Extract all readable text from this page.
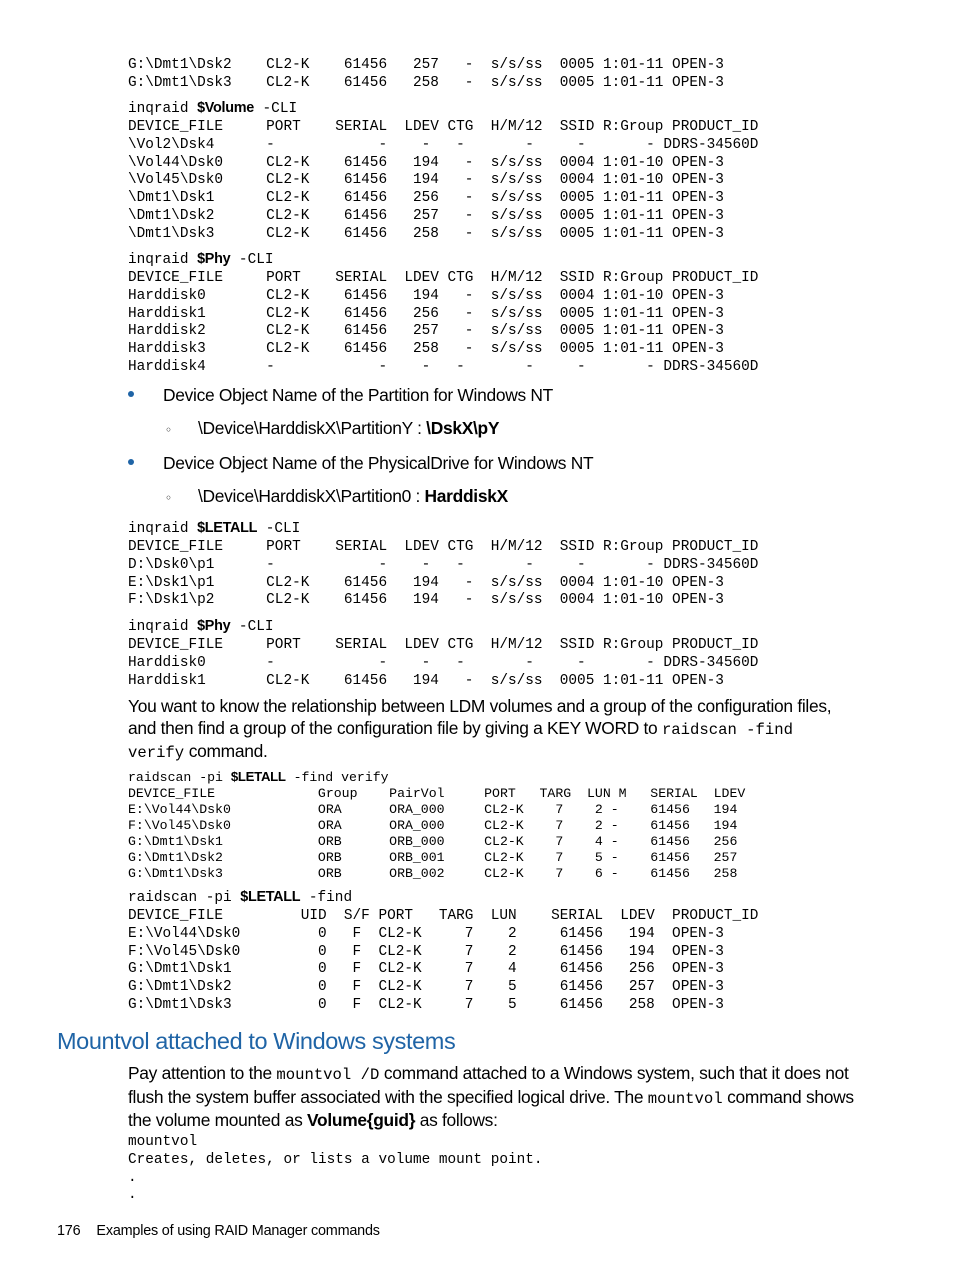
G:\Dmt1\Dsk2    CL2-K    61456   257   -  s/s/ss  0005 1:01-11 OPEN-3
G:\Dmt1\Dsk3    CL2-K    61456   258   -  s/s/ss  0005 1:01-11 OPEN-3
inqraid $Volume -CLI
DEVICE_FILE     PORT    SERIAL  LDEV CTG  H/M/12  SSID R:Group PRODUCT_ID
\Vol2\Dsk4      -            -    -   -       -     -       - DDRS-34560D
\Vol44\Dsk0     CL2-K    61456   194   -  s/s/ss  0004 1:01-10 OPEN-3
\Vol45\Dsk0     CL2-K    61456   194   -  s/s/ss  0004 1:01-10 OPEN-3
\Dmt1\Dsk1      CL2-K    61456   256   -  s/s/ss  0005 1:01-11 OPEN-3
\Dmt1\Dsk2      CL2-K    61456   257   -  s/s/ss  0005 1:01-11 OPEN-3
\Dmt1\Dsk3      CL2-K    61456   258   -  s/s/ss  0005 1:01-11 OPEN-3
inqraid $Phy -CLI
DEVICE_FILE     PORT    SERIAL  LDEV CTG  H/M/12  SSID R:Group PRODUCT_ID
Harddisk0       CL2-K    61456   194   -  s/s/ss  0004 1:01-10 OPEN-3
Harddisk1       CL2-K    61456   256   -  s/s/ss  0005 1:01-11 OPEN-3
Harddisk2       CL2-K    61456   257   -  s/s/ss  0005 1:01-11 OPEN-3
Harddisk3       CL2-K    61456   258   -  s/s/ss  0005 1:01-11 OPEN-3
Harddisk4       -            -    -   -       -     -       - DDRS-34560D
Device Object Name of the Partition for Windows NT
◦ \Device\HarddiskX\PartitionY : \DskX\pY
Device Object Name of the PhysicalDrive for Windows NT
◦ \Device\HarddiskX\Partition0 : HarddiskX
inqraid $LETALL -CLI
DEVICE_FILE     PORT    SERIAL  LDEV CTG  H/M/12  SSID R:Group PRODUCT_ID
D:\Dsk0\p1      -            -    -   -       -     -       - DDRS-34560D
E:\Dsk1\p1      CL2-K    61456   194   -  s/s/ss  0004 1:01-10 OPEN-3
F:\Dsk1\p2      CL2-K    61456   194   -  s/s/ss  0004 1:01-10 OPEN-3
inqraid $Phy -CLI
DEVICE_FILE     PORT    SERIAL  LDEV CTG  H/M/12  SSID R:Group PRODUCT_ID
Harddisk0       -            -    -   -       -     -       - DDRS-34560D
Harddisk1       CL2-K    61456   194   -  s/s/ss  0005 1:01-11 OPEN-3

You want to know the relationship between LDM volumes and a group of the configuration files, and then find a group of the configuration file by giving a KEY WORD to raidscan -find verify command.

raidscan -pi $LETALL -find verify
DEVICE_FILE             Group    PairVol     PORT   TARG  LUN M   SERIAL  LDEV
E:\Vol44\Dsk0           ORA      ORA_000     CL2-K    7    2 -    61456   194
F:\Vol45\Dsk0           ORA      ORA_000     CL2-K    7    2 -    61456   194
G:\Dmt1\Dsk1            ORB      ORB_000     CL2-K    7    4 -    61456   256
G:\Dmt1\Dsk2            ORB      ORB_001     CL2-K    7    5 -    61456   257
G:\Dmt1\Dsk3            ORB      ORB_002     CL2-K    7    6 -    61456   258
raidscan -pi $LETALL -find
DEVICE_FILE         UID  S/F PORT   TARG  LUN    SERIAL  LDEV  PRODUCT_ID
E:\Vol44\Dsk0         0   F  CL2-K     7    2     61456   194  OPEN-3
F:\Vol45\Dsk0         0   F  CL2-K     7    2     61456   194  OPEN-3
G:\Dmt1\Dsk1          0   F  CL2-K     7    4     61456   256  OPEN-3
G:\Dmt1\Dsk2          0   F  CL2-K     7    5     61456   257  OPEN-3
G:\Dmt1\Dsk3          0   F  CL2-K     7    5     61456   258  OPEN-3
Mountvol attached to Windows systems

Pay attention to the mountvol /D command attached to a Windows system, such that it does not flush the system buffer associated with the specified logical drive. The mountvol command shows the volume mounted as Volume{guid} as follows:

mountvol
Creates, deletes, or lists a volume mount point.
.
.
176 Examples of using RAID Manager commands
